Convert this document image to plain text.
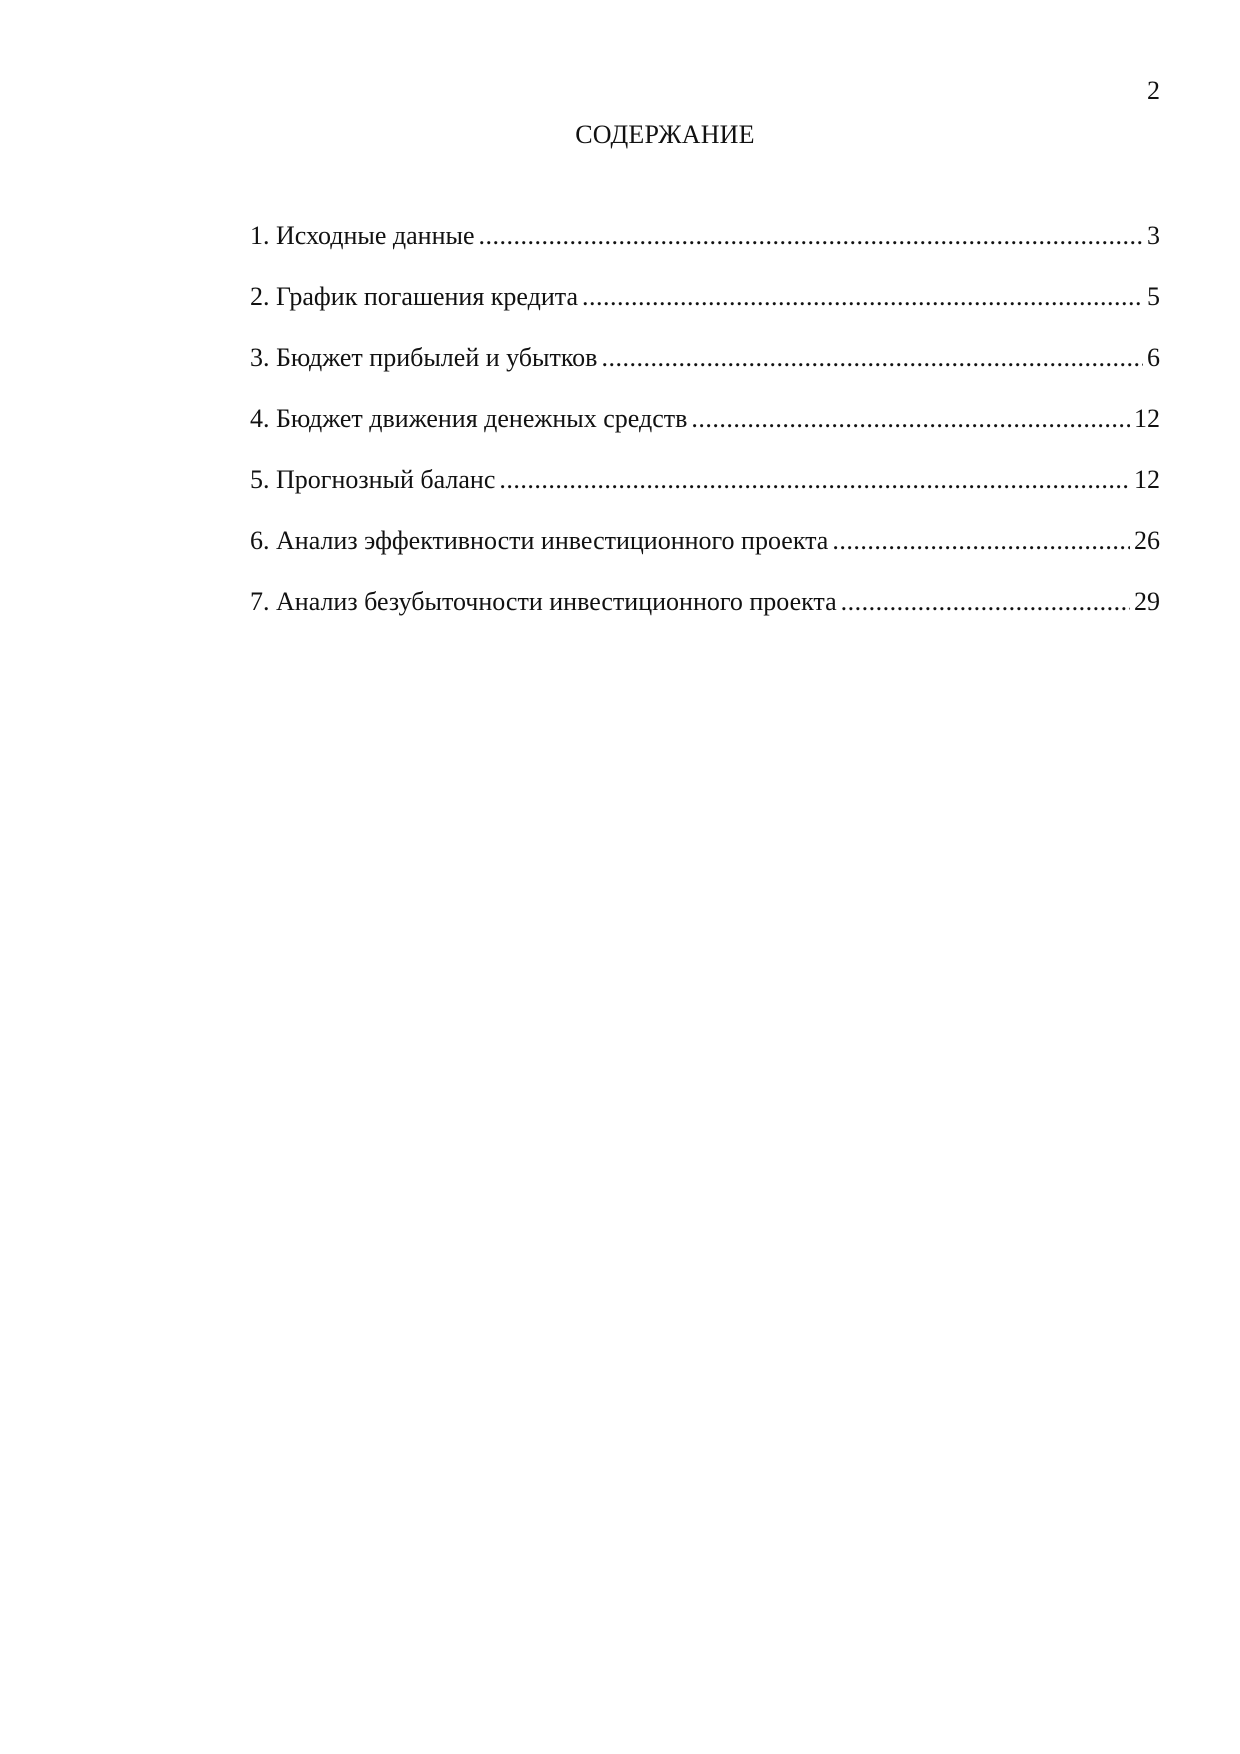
2
СОДЕРЖАНИЕ
1. Исходные данные .....	3
2. График погашения кредита .....	5
3. Бюджет прибылей и убытков .....	6
4. Бюджет движения денежных средств .....	12
5. Прогнозный баланс .....	12
6. Анализ эффективности инвестиционного проекта .....	26
7. Анализ безубыточности инвестиционного проекта .....	29
